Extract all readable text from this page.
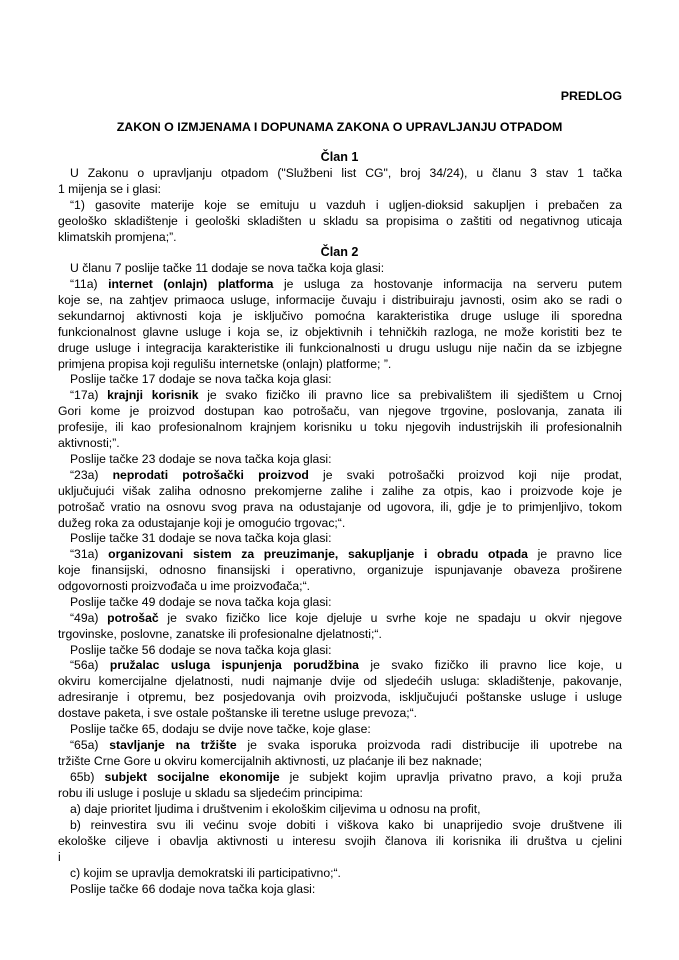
PREDLOG
ZAKON O IZMJENAMA I DOPUNAMA ZAKONA O UPRAVLJANJU OTPADOM
Član 1
U Zakonu o upravljanju otpadom ("Službeni list CG", broj 34/24), u članu 3 stav 1 tačka
1 mijenja se i glasi:
“1) gasovite materije koje se emituju u vazduh i ugljen-dioksid sakupljen i prebačen za
geološko skladištenje i geološki skladišten u skladu sa propisima o zaštiti od negativnog uticaja
klimatskih promjena;”.
Član 2
U članu 7 poslije tačke 11 dodaje se nova tačka koja glasi:
“11a) internet (onlajn) platforma je usluga za hostovanje informacija na serveru putem
koje se, na zahtjev primaoca usluge, informacije čuvaju i distribuiraju javnosti, osim ako se radi o
sekundarnoj aktivnosti koja je isključivo pomoćna karakteristika druge usluge ili sporedna
funkcionalnost glavne usluge i koja se, iz objektivnih i tehničkih razloga, ne može koristiti bez te
druge usluge i integracija karakteristike ili funkcionalnosti u drugu uslugu nije način da se izbjegne
primjena propisa koji regulišu internetske (onlajn) platforme; ”.
Poslije tačke 17 dodaje se nova tačka koja glasi:
“17a) krajnji korisnik je svako fizičko ili pravno lice sa prebivalištem ili sjedištem u Crnoj
Gori kome je proizvod dostupan kao potrošaču, van njegove trgovine, poslovanja, zanata ili
profesije, ili kao profesionalnom krajnjem korisniku u toku njegovih industrijskih ili profesionalnih
aktivnosti;”.
Poslije tačke 23 dodaje se nova tačka koja glasi:
“23a) neprodati potrošački proizvod je svaki potrošački proizvod koji nije prodat,
uključujući višak zaliha odnosno prekomjerne zalihe i zalihe za otpis, kao i proizvode koje je
potrošač vratio na osnovu svog prava na odustajanje od ugovora, ili, gdje je to primjenljivo, tokom
dužeg roka za odustajanje koji je omogućio trgovac;“.
Poslije tačke 31 dodaje se nova tačka koja glasi:
“31a) organizovani sistem za preuzimanje, sakupljanje i obradu otpada je pravno lice
koje finansijski, odnosno finansijski i operativno, organizuje ispunjavanje obaveza proširene
odgovornosti proizvođača u ime proizvođača;“.
Poslije tačke 49 dodaje se nova tačka koja glasi:
“49a) potrošač je svako fizičko lice koje djeluje u svrhe koje ne spadaju u okvir njegove
trgovinske, poslovne, zanatske ili profesionalne djelatnosti;“.
Poslije tačke 56 dodaje se nova tačka koja glasi:
“56a) pružalac usluga ispunjenja porudžbina je svako fizičko ili pravno lice koje, u
okviru komercijalne djelatnosti, nudi najmanje dvije od sljedećih usluga: skladištenje, pakovanje,
adresiranje i otpremu, bez posjedovanja ovih proizvoda, isključujući poštanske usluge i usluge
dostave paketa, i sve ostale poštanske ili teretne usluge prevoza;“.
Poslije tačke 65, dodaju se dvije nove tačke, koje glase:
“65a) stavljanje na tržište je svaka isporuka proizvoda radi distribucije ili upotrebe na
tržište Crne Gore u okviru komercijalnih aktivnosti, uz plaćanje ili bez naknade;
65b) subjekt socijalne ekonomije je subjekt kojim upravlja privatno pravo, a koji pruža
robu ili usluge i posluje u skladu sa sljedećim principima:
a) daje prioritet ljudima i društvenim i ekološkim ciljevima u odnosu na profit,
b) reinvestira svu ili većinu svoje dobiti i viškova kako bi unaprijedio svoje društvene ili
ekološke ciljeve i obavlja aktivnosti u interesu svojih članova ili korisnika ili društva u cjelini
i
c) kojim se upravlja demokratski ili participativno;“.
Poslije tačke 66 dodaje nova tačka koja glasi:
